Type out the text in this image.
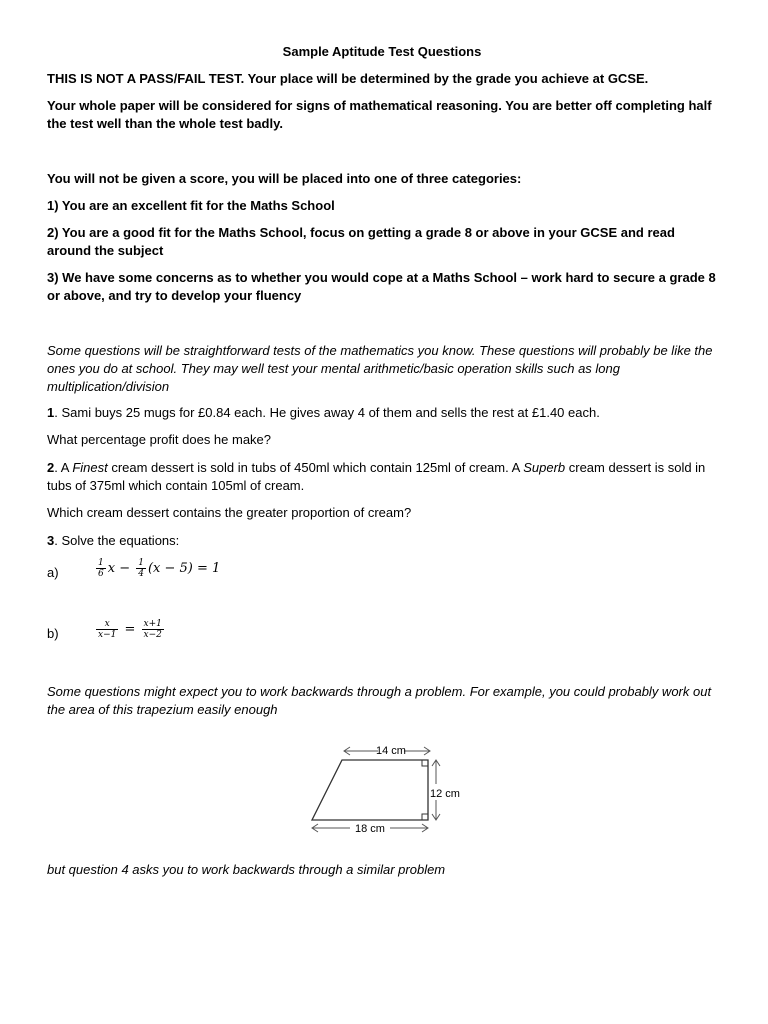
Sample Aptitude Test Questions
THIS IS NOT A PASS/FAIL TEST. Your place will be determined by the grade you achieve at GCSE.
Your whole paper will be considered for signs of mathematical reasoning. You are better off completing half the test well than the whole test badly.
You will not be given a score, you will be placed into one of three categories:
1) You are an excellent fit for the Maths School
2) You are a good fit for the Maths School, focus on getting a grade 8 or above in your GCSE and read around the subject
3) We have some concerns as to whether you would cope at a Maths School – work hard to secure a grade 8 or above, and try to develop your fluency
Some questions will be straightforward tests of the mathematics you know. These questions will probably be like the ones you do at school. They may well test your mental arithmetic/basic operation skills such as long multiplication/division
1. Sami buys 25 mugs for £0.84 each. He gives away 4 of them and sells the rest at £1.40 each.
What percentage profit does he make?
2. A Finest cream dessert is sold in tubs of 450ml which contain 125ml of cream. A Superb cream dessert is sold in tubs of 375ml which contain 105ml of cream.
Which cream dessert contains the greater proportion of cream?
3. Solve the equations:
a)	$\frac{1}{6}$ $x - \frac{1}{4} (x - 5) = 1$
b)	$\frac{x}{x-1} = \frac{x+1}{x-2}$
Some questions might expect you to work backwards through a problem. For example, you could probably work out the area of this trapezium easily enough
but question 4 asks you to work backwards through a similar problem
14 cm
12 cm
18 cm
